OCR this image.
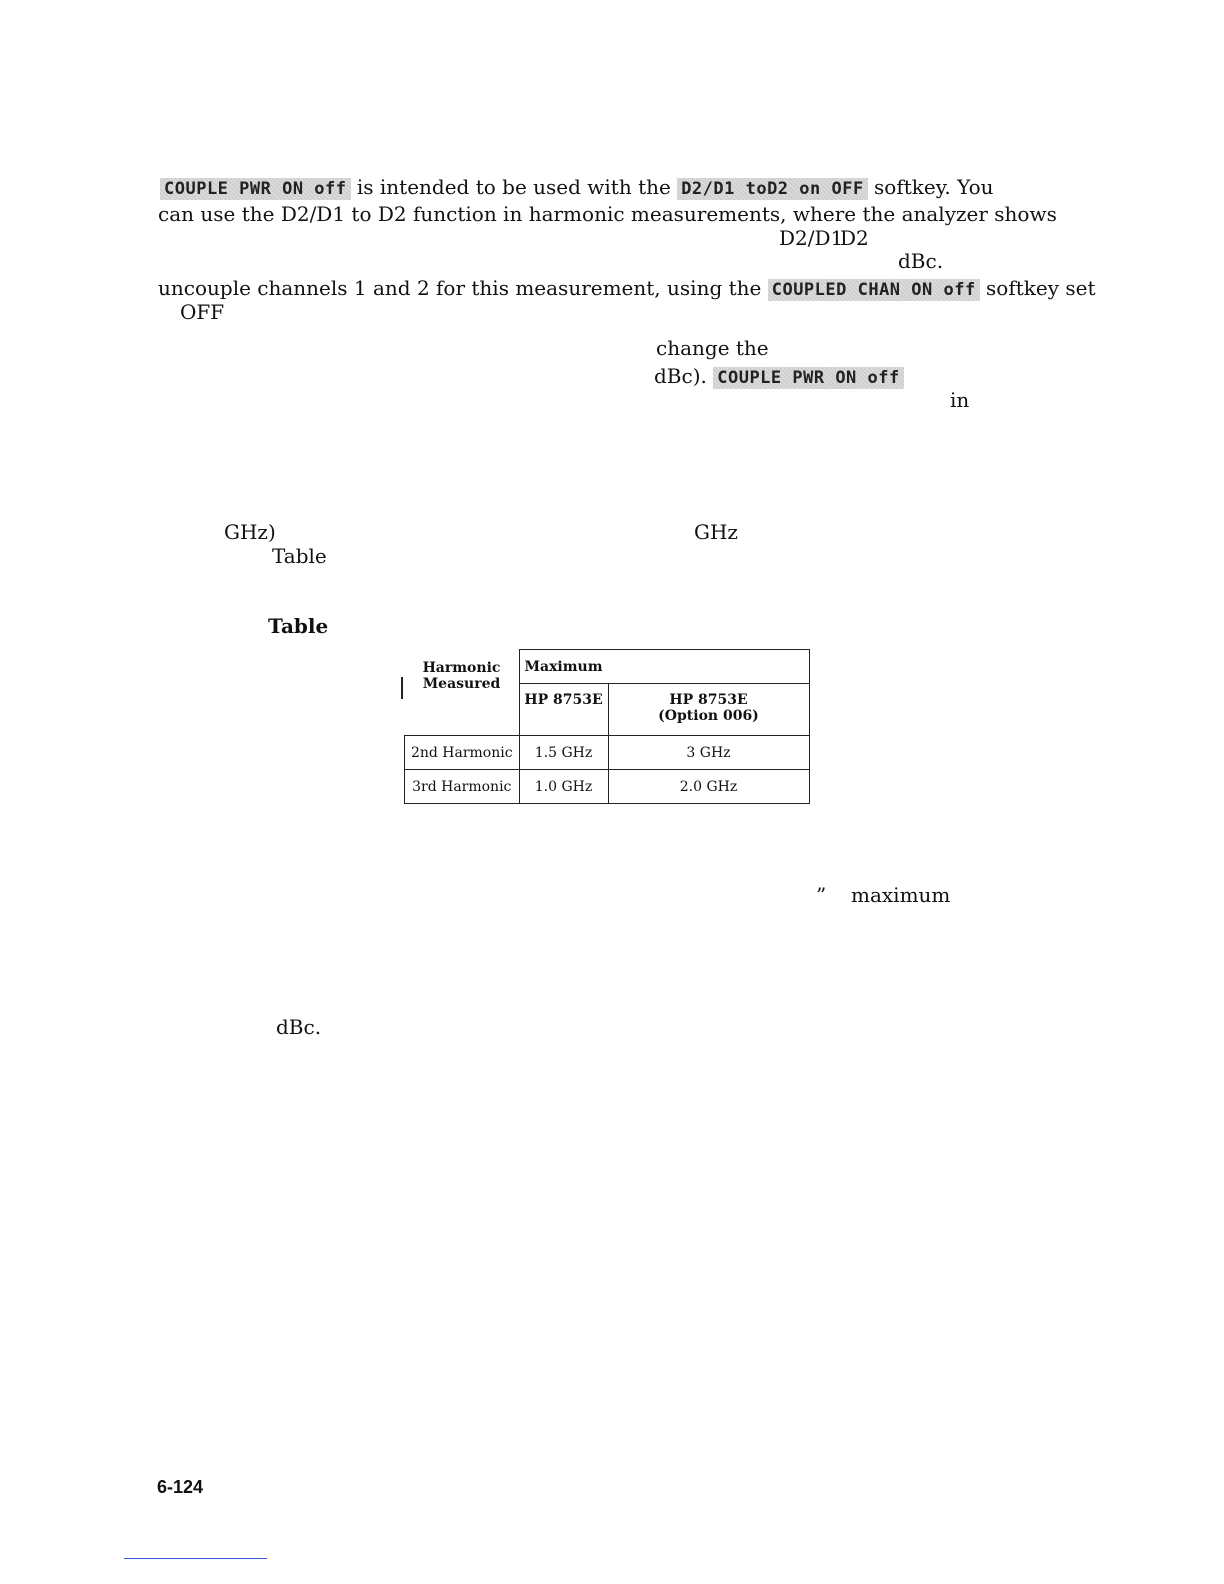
COUPLE PWR ON off is intended to be used with the D2/D1 toD2 on OFF softkey. You
can use the D2/D1 to D2 function in harmonic measurements, where the analyzer shows
D2/D1
D2
dBc.
uncouple channels 1 and 2 for this measurement, using the COUPLED CHAN ON off softkey set
OFF
change the
dBc). COUPLE PWR ON off
in
GHz)	GHz
Table
Table
Harmonic
Measured	Maximum	
	HP 8753E	HP 8753E
(Option 006)

2nd Harmonic	1.5 GHz	3 GHz
3rd Harmonic	1.0 GHz	2.0 GHz
” maximum
dBc.
6-124
